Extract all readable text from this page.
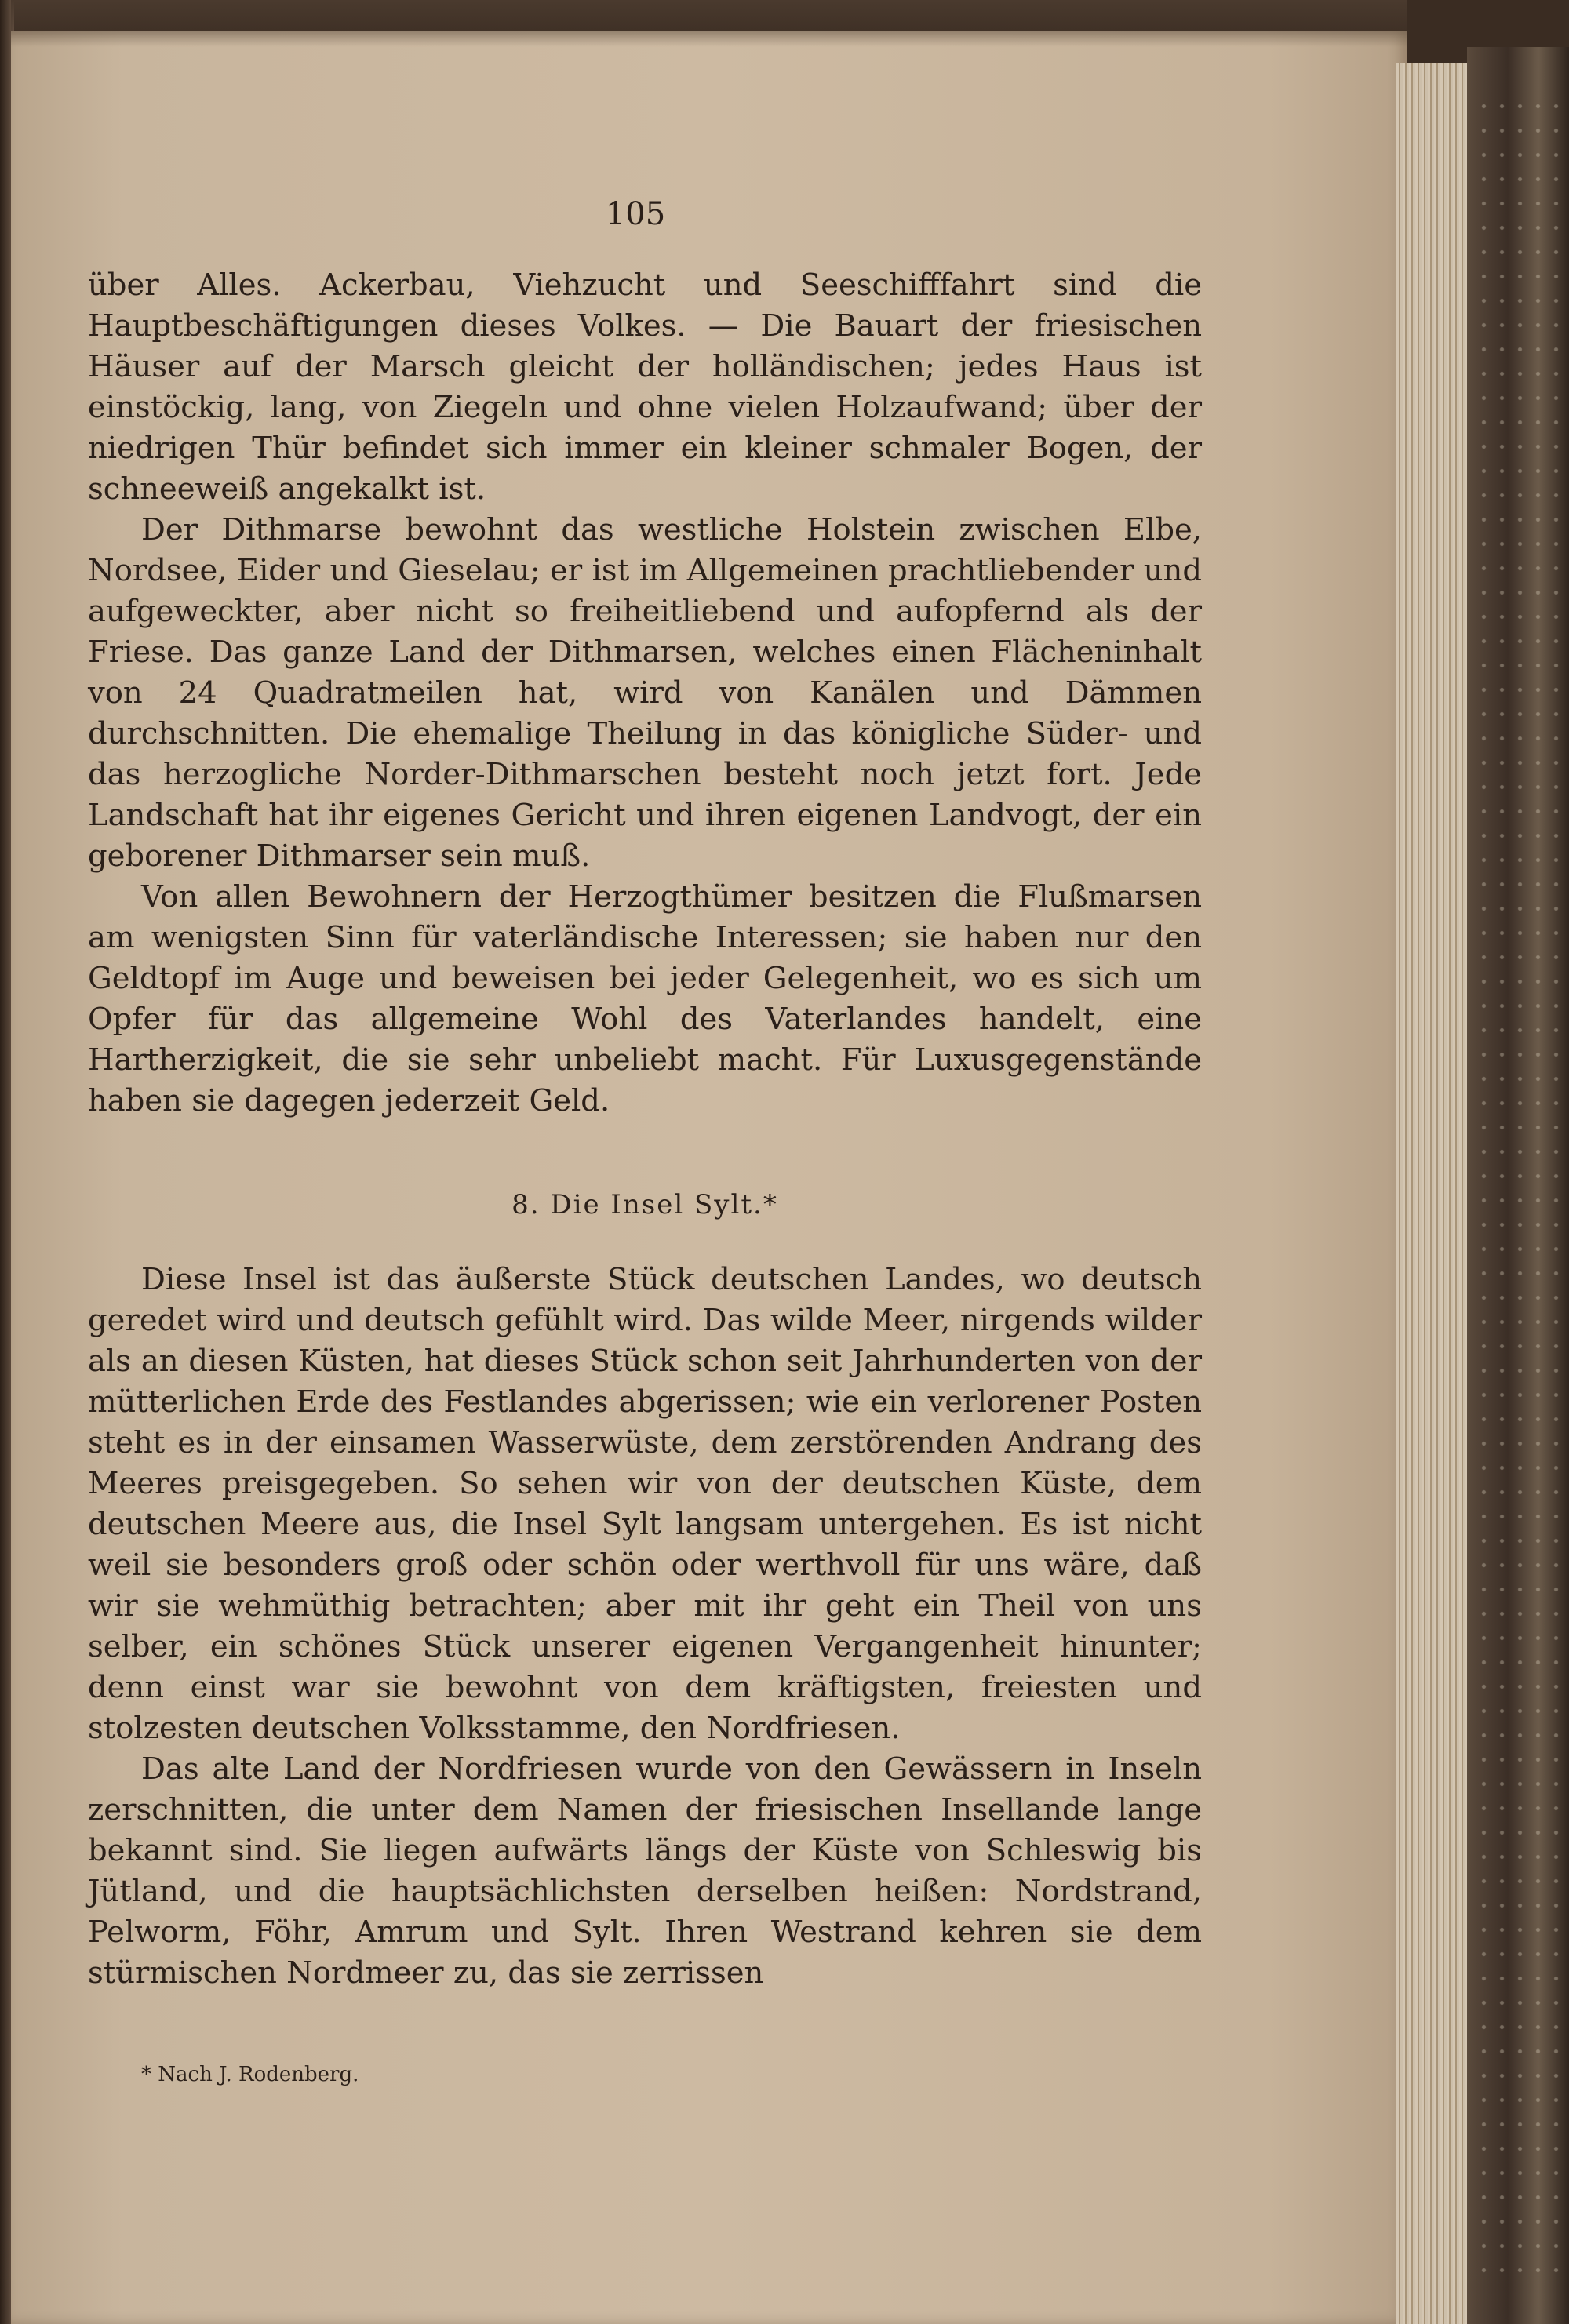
105

über Alles. Ackerbau, Viehzucht und Seeschifffahrt sind die Hauptbeschäftigungen dieses Volkes. — Die Bauart der friesischen Häuser auf der Marsch gleicht der holländischen; jedes Haus ist einstöckig, lang, von Ziegeln und ohne vielen Holzaufwand; über der niedrigen Thür befindet sich immer ein kleiner schmaler Bogen, der schneeweiß angekalkt ist.

Der Dithmarse bewohnt das westliche Holstein zwischen Elbe, Nordsee, Eider und Gieselau; er ist im Allgemeinen prachtliebender und aufgeweckter, aber nicht so freiheitliebend und aufopfernd als der Friese. Das ganze Land der Dithmarsen, welches einen Flächeninhalt von 24 Quadratmeilen hat, wird von Kanälen und Dämmen durchschnitten. Die ehemalige Theilung in das königliche Süder- und das herzogliche Norder-Dithmarschen besteht noch jetzt fort. Jede Landschaft hat ihr eigenes Gericht und ihren eigenen Landvogt, der ein geborener Dithmarser sein muß.

Von allen Bewohnern der Herzogthümer besitzen die Flußmarsen am wenigsten Sinn für vaterländische Interessen; sie haben nur den Geldtopf im Auge und beweisen bei jeder Gelegenheit, wo es sich um Opfer für das allgemeine Wohl des Vaterlandes handelt, eine Hartherzigkeit, die sie sehr unbeliebt macht. Für Luxusgegenstände haben sie dagegen jederzeit Geld.

8. Die Insel Sylt.*

Diese Insel ist das äußerste Stück deutschen Landes, wo deutsch geredet wird und deutsch gefühlt wird. Das wilde Meer, nirgends wilder als an diesen Küsten, hat dieses Stück schon seit Jahrhunderten von der mütterlichen Erde des Festlandes abgerissen; wie ein verlorener Posten steht es in der einsamen Wasserwüste, dem zerstörenden Andrang des Meeres preisgegeben. So sehen wir von der deutschen Küste, dem deutschen Meere aus, die Insel Sylt langsam untergehen. Es ist nicht weil sie besonders groß oder schön oder werthvoll für uns wäre, daß wir sie wehmüthig betrachten; aber mit ihr geht ein Theil von uns selber, ein schönes Stück unserer eigenen Vergangenheit hinunter; denn einst war sie bewohnt von dem kräftigsten, freiesten und stolzesten deutschen Volksstamme, den Nordfriesen.

Das alte Land der Nordfriesen wurde von den Gewässern in Inseln zerschnitten, die unter dem Namen der friesischen Insellande lange bekannt sind. Sie liegen aufwärts längs der Küste von Schleswig bis Jütland, und die hauptsächlichsten derselben heißen: Nordstrand, Pelworm, Föhr, Amrum und Sylt. Ihren Westrand kehren sie dem stürmischen Nordmeer zu, das sie zerrissen

* Nach J. Rodenberg.
